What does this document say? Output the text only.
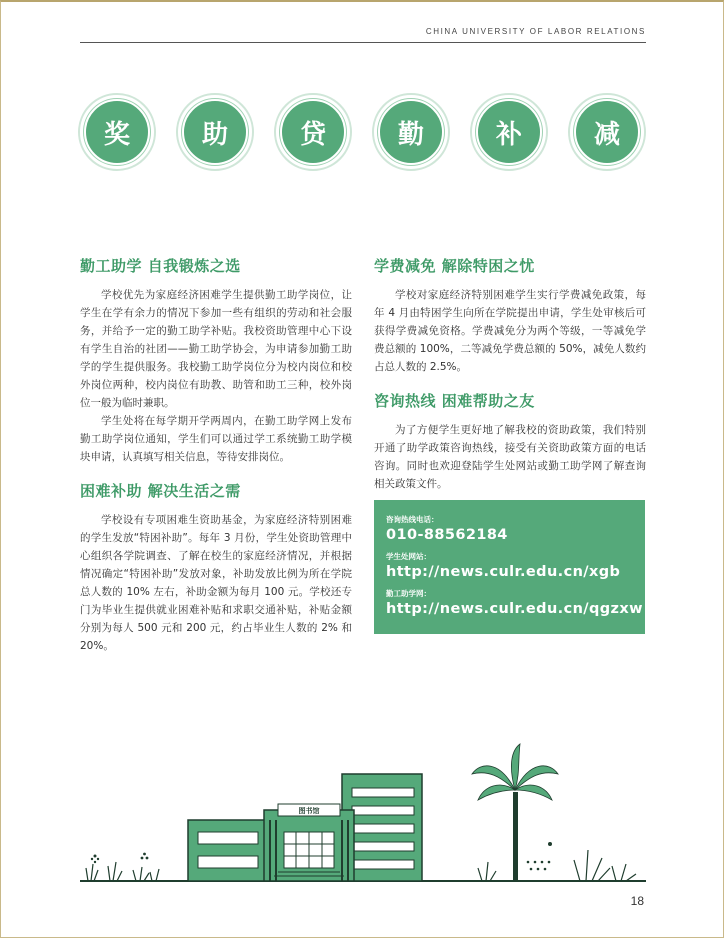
CHINA UNIVERSITY OF LABOR RELATIONS
奖	助	贷	勤	补	减
勤工助学 自我锻炼之选

学校优先为家庭经济困难学生提供勤工助学岗位，让学生在学有余力的情况下参加一些有组织的劳动和社会服务，并给予一定的勤工助学补贴。我校资助管理中心下设有学生自治的社团——勤工助学协会，为申请参加勤工助学的学生提供服务。我校勤工助学岗位分为校内岗位和校外岗位两种，校内岗位有助教、助管和助工三种，校外岗位一般为临时兼职。

学生处将在每学期开学两周内，在勤工助学网上发布勤工助学岗位通知，学生们可以通过学工系统勤工助学模块申请，认真填写相关信息，等待安排岗位。

困难补助 解决生活之需

学校设有专项困难生资助基金，为家庭经济特别困难的学生发放“特困补助”。每年 3 月份，学生处资助管理中心组织各学院调查、了解在校生的家庭经济情况，并根据情况确定“特困补助”发放对象，补助发放比例为所在学院总人数的 10% 左右，补助金额为每月 100 元。学校还专门为毕业生提供就业困难补贴和求职交通补贴，补贴金额分别为每人 500 元和 200 元，约占毕业生人数的 2% 和 20%。

学费减免 解除特困之忧

学校对家庭经济特别困难学生实行学费减免政策，每年 4 月由特困学生向所在学院提出申请，学生处审核后可获得学费减免资格。学费减免分为两个等级，一等减免学费总额的 100%，二等减免学费总额的 50%，减免人数约占总人数的 2.5%。

咨询热线 困难帮助之友

为了方便学生更好地了解我校的资助政策，我们特别开通了助学政策咨询热线，接受有关资助政策方面的电话咨询。同时也欢迎登陆学生处网站或勤工助学网了解查询相关政策文件。

咨询热线电话：
010-88562184
学生处网站：
http://news.culr.edu.cn/xgb
勤工助学网：
http://news.culr.edu.cn/qgzxw
图书馆
18
